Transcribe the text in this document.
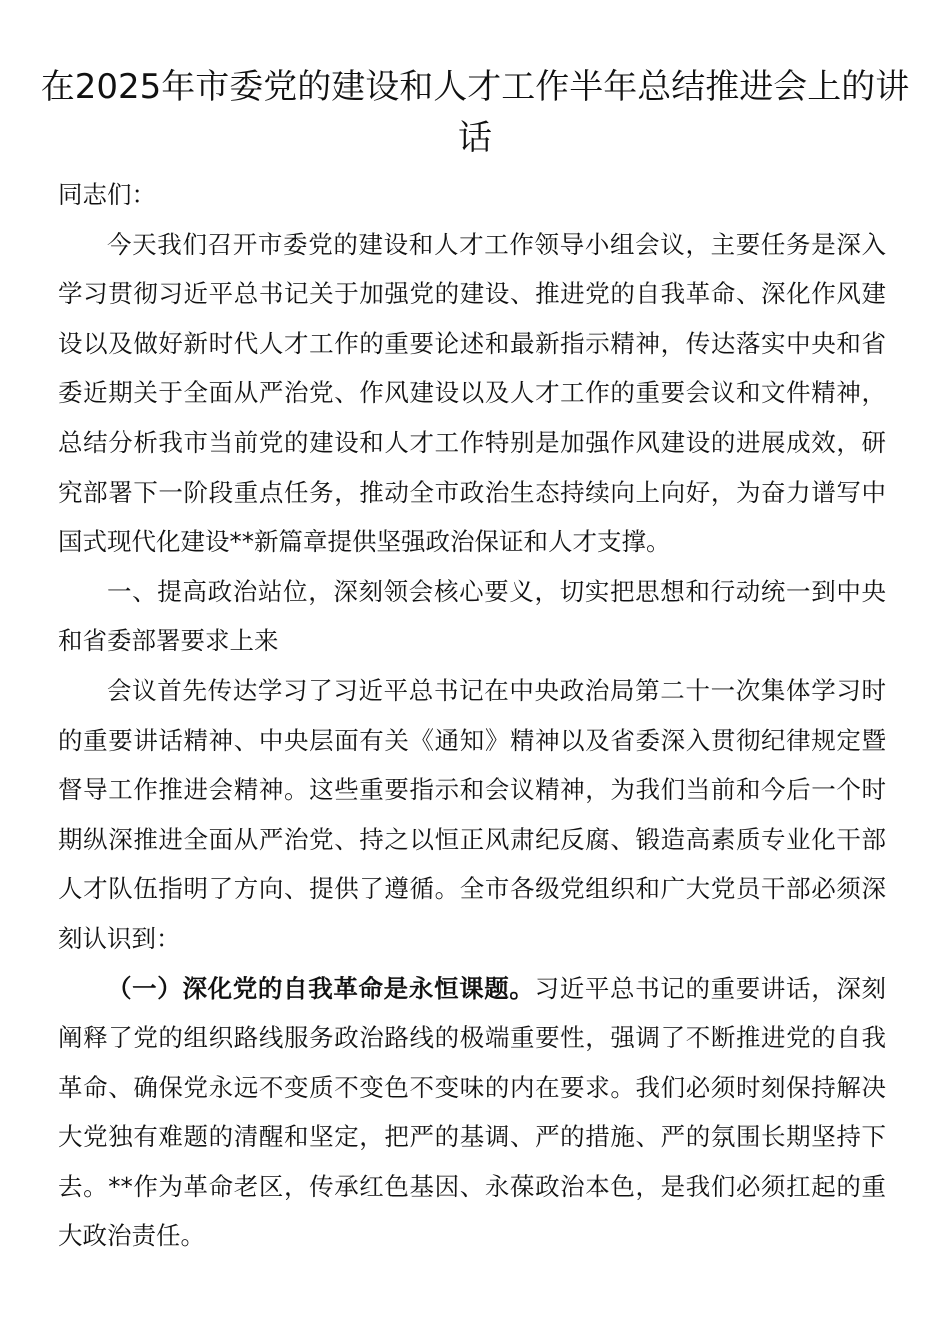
在2025年市委党的建设和人才工作半年总结推进会上的讲话

同志们：

今天我们召开市委党的建设和人才工作领导小组会议，主要任务是深入学习贯彻习近平总书记关于加强党的建设、推进党的自我革命、深化作风建设以及做好新时代人才工作的重要论述和最新指示精神，传达落实中央和省委近期关于全面从严治党、作风建设以及人才工作的重要会议和文件精神，总结分析我市当前党的建设和人才工作特别是加强作风建设的进展成效，研究部署下一阶段重点任务，推动全市政治生态持续向上向好，为奋力谱写中国式现代化建设**新篇章提供坚强政治保证和人才支撑。

一、提高政治站位，深刻领会核心要义，切实把思想和行动统一到中央和省委部署要求上来

会议首先传达学习了习近平总书记在中央政治局第二十一次集体学习时的重要讲话精神、中央层面有关《通知》精神以及省委深入贯彻纪律规定暨督导工作推进会精神。这些重要指示和会议精神，为我们当前和今后一个时期纵深推进全面从严治党、持之以恒正风肃纪反腐、锻造高素质专业化干部人才队伍指明了方向、提供了遵循。全市各级党组织和广大党员干部必须深刻认识到：

（一）深化党的自我革命是永恒课题。习近平总书记的重要讲话，深刻阐释了党的组织路线服务政治路线的极端重要性，强调了不断推进党的自我革命、确保党永远不变质不变色不变味的内在要求。我们必须时刻保持解决大党独有难题的清醒和坚定，把严的基调、严的措施、严的氛围长期坚持下去。**作为革命老区，传承红色基因、永葆政治本色，是我们必须扛起的重大政治责任。
